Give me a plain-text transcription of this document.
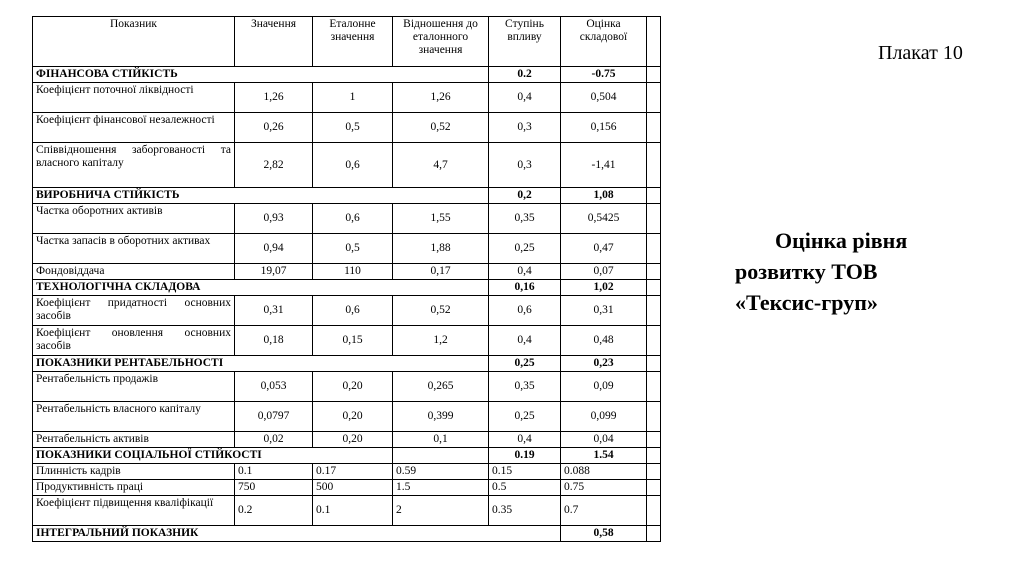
Плакат 10
Оцінка рівня
розвитку ТОВ
«Тексис-груп»
Показник	Значення	Еталонне значення	Відношення до еталонного значення	Ступінь впливу	Оцінка складової	
ФІНАНСОВА СТІЙКІСТЬ				0.2	-0.75	
Коефіцієнт поточної ліквідності	1,26	1	1,26	0,4	0,504	
Коефіцієнт фінансової незалежності	0,26	0,5	0,52	0,3	0,156	
Співвідношення заборгованості та власного капіталу	2,82	0,6	4,7	0,3	-1,41	
ВИРОБНИЧА СТІЙКІСТЬ				0,2	1,08	
Частка оборотних активів	0,93	0,6	1,55	0,35	0,5425	
Частка запасів в оборотних активах	0,94	0,5	1,88	0,25	0,47	
Фондовіддача	19,07	110	0,17	0,4	0,07	
ТЕХНОЛОГІЧНА СКЛАДОВА				0,16	1,02	
Коефіцієнт придатності основних засобів	0,31	0,6	0,52	0,6	0,31	
Коефіцієнт оновлення основних засобів	0,18	0,15	1,2	0,4	0,48	
ПОКАЗНИКИ РЕНТАБЕЛЬНОСТІ				0,25	0,23	
Рентабельність продажів	0,053	0,20	0,265	0,35	0,09	
Рентабельність власного капіталу	0,0797	0,20	0,399	0,25	0,099	
Рентабельність активів	0,02	0,20	0,1	0,4	0,04	
ПОКАЗНИКИ СОЦІАЛЬНОЇ СТІЙКОСТІ				0.19	1.54	
Плинність кадрів	0.1	0.17	0.59	0.15	0.088	
Продуктивність праці	750	500	1.5	0.5	0.75	
Коефіцієнт підвищення кваліфікації	0.2	0.1	2	0.35	0.7	
ІНТЕГРАЛЬНИЙ ПОКАЗНИК					0,58	
